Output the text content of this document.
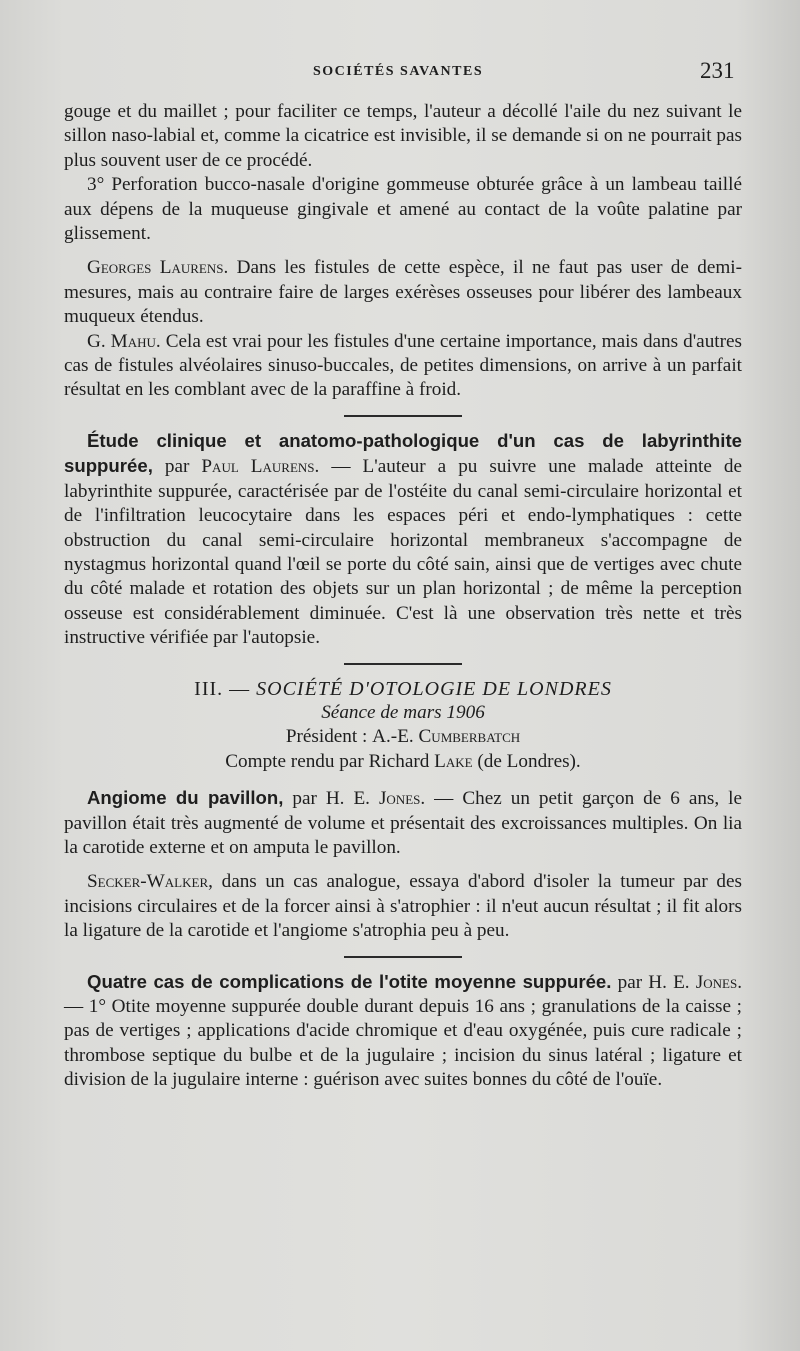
SOCIÉTÉS SAVANTES	231

gouge et du maillet ; pour faciliter ce temps, l'auteur a décollé l'aile du nez suivant le sillon naso-labial et, comme la cicatrice est invisible, il se demande si on ne pourrait pas plus souvent user de ce procédé.

3° Perforation bucco-nasale d'origine gommeuse obturée grâce à un lambeau taillé aux dépens de la muqueuse gingivale et amené au contact de la voûte palatine par glissement.

Georges Laurens. Dans les fistules de cette espèce, il ne faut pas user de demi-mesures, mais au contraire faire de larges exérèses osseuses pour libérer des lambeaux muqueux étendus.

G. Mahu. Cela est vrai pour les fistules d'une certaine importance, mais dans d'autres cas de fistules alvéolaires sinuso-buccales, de petites dimensions, on arrive à un parfait résultat en les comblant avec de la paraffine à froid.

Étude clinique et anatomo-pathologique d'un cas de labyrinthite suppurée, par Paul Laurens. — L'auteur a pu suivre une malade atteinte de labyrinthite suppurée, caractérisée par de l'ostéite du canal semi-circulaire horizontal et de l'infiltration leucocytaire dans les espaces péri et endo-lymphatiques : cette obstruction du canal semi-circulaire horizontal membraneux s'accompagne de nystagmus horizontal quand l'œil se porte du côté sain, ainsi que de vertiges avec chute du côté malade et rotation des objets sur un plan horizontal ; de même la perception osseuse est considérablement diminuée. C'est là une observation très nette et très instructive vérifiée par l'autopsie.

III. — SOCIÉTÉ D'OTOLOGIE DE LONDRES
Séance de mars 1906
Président : A.-E. Cumberbatch
Compte rendu par Richard Lake (de Londres).

Angiome du pavillon, par H. E. Jones. — Chez un petit garçon de 6 ans, le pavillon était très augmenté de volume et présentait des excroissances multiples. On lia la carotide externe et on amputa le pavillon.

Secker-Walker, dans un cas analogue, essaya d'abord d'isoler la tumeur par des incisions circulaires et de la forcer ainsi à s'atrophier : il n'eut aucun résultat ; il fit alors la ligature de la carotide et l'angiome s'atrophia peu à peu.

Quatre cas de complications de l'otite moyenne suppurée. par H. E. Jones. — 1° Otite moyenne suppurée double durant depuis 16 ans ; granulations de la caisse ; pas de vertiges ; applications d'acide chromique et d'eau oxygénée, puis cure radicale ; thrombose septique du bulbe et de la jugulaire ; incision du sinus latéral ; ligature et division de la jugulaire interne : guérison avec suites bonnes du côté de l'ouïe.
